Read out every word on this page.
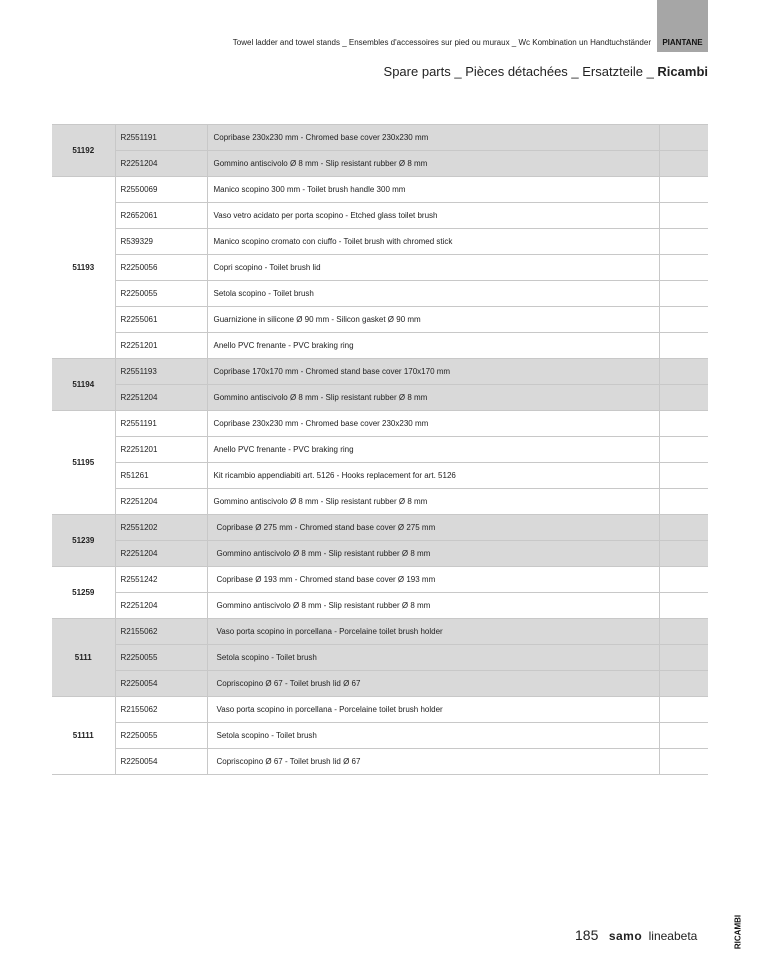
Towel ladder and towel stands _ Ensembles d'accessoires sur pied ou muraux _ Wc Kombination un Handtuchständer	PIANTANE
Spare parts _ Pièces détachées _ Ersatzteile _ Ricambi
51192	R2551191	Copribase 230x230 mm - Chromed base cover 230x230 mm	
	R2251204	Gommino antiscivolo Ø 8 mm - Slip resistant rubber Ø 8 mm	
51193	R2550069	Manico scopino 300 mm - Toilet brush handle 300 mm	
	R2652061	Vaso vetro acidato per porta scopino - Etched glass toilet brush	
	R539329	Manico scopino cromato con ciuffo - Toilet brush with chromed stick	
	R2250056	Copri scopino - Toilet brush lid	
	R2250055	Setola scopino - Toilet brush	
	R2255061	Guarnizione in silicone Ø 90 mm - Silicon gasket Ø 90 mm	
	R2251201	Anello PVC frenante - PVC braking ring	
51194	R2551193	Copribase 170x170 mm - Chromed stand base cover 170x170 mm	
	R2251204	Gommino antiscivolo Ø 8 mm - Slip resistant rubber Ø 8 mm	
51195	R2551191	Copribase 230x230 mm - Chromed base cover 230x230 mm	
	R2251201	Anello PVC frenante - PVC braking ring	
	R51261	Kit ricambio appendiabiti art. 5126 - Hooks replacement for art. 5126	
	R2251204	Gommino antiscivolo Ø 8 mm - Slip resistant rubber Ø 8 mm	
51239	R2551202	Copribase Ø 275 mm - Chromed stand base cover Ø 275 mm	
	R2251204	Gommino antiscivolo Ø 8 mm - Slip resistant rubber Ø 8 mm	
51259	R2551242	Copribase Ø 193 mm - Chromed stand base cover Ø 193 mm	
	R2251204	Gommino antiscivolo Ø 8 mm - Slip resistant rubber Ø 8 mm	
5111	R2155062	Vaso porta scopino in porcellana - Porcelaine toilet brush holder	
	R2250055	Setola scopino - Toilet brush	
	R2250054	Copriscopino Ø 67 - Toilet brush lid Ø 67	
51111	R2155062	Vaso porta scopino in porcellana - Porcelaine toilet brush holder	
	R2250055	Setola scopino - Toilet brush	
	R2250054	Copriscopino Ø 67 - Toilet brush lid Ø 67	
185 samo lineabeta	RICAMBI
